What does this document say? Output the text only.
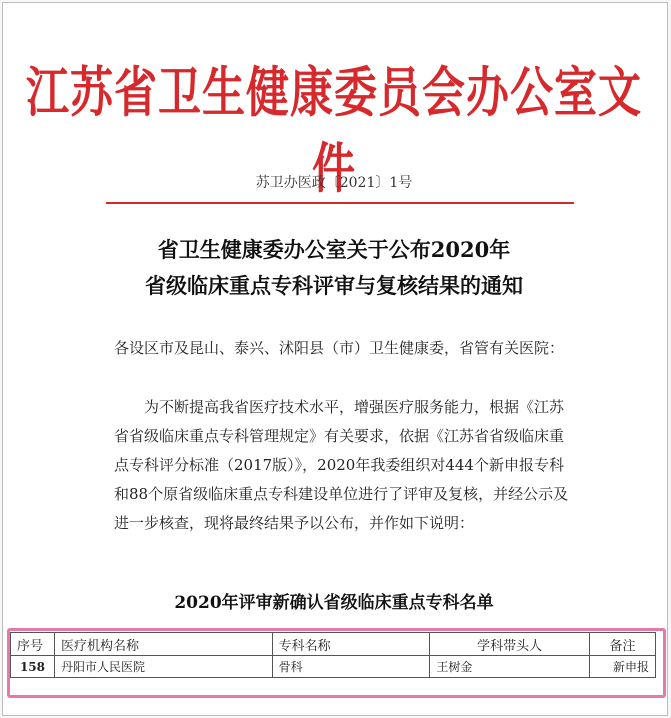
江苏省卫生健康委员会办公室文件
苏卫办医政〔2021〕1号
省卫生健康委办公室关于公布2020年
省级临床重点专科评审与复核结果的通知
各设区市及昆山、泰兴、沭阳县（市）卫生健康委，省管有关医院：
为不断提高我省医疗技术水平，增强医疗服务能力，根据《江苏省省级临床重点专科管理规定》有关要求，依据《江苏省省级临床重点专科评分标准（2017版）》，2020年我委组织对444个新申报专科和88个原省级临床重点专科建设单位进行了评审及复核，并经公示及进一步核查，现将最终结果予以公布，并作如下说明：
2020年评审新确认省级临床重点专科名单
序号	医疗机构名称	专科名称	学科带头人	备注
158	丹阳市人民医院	骨科	王树金	新申报
